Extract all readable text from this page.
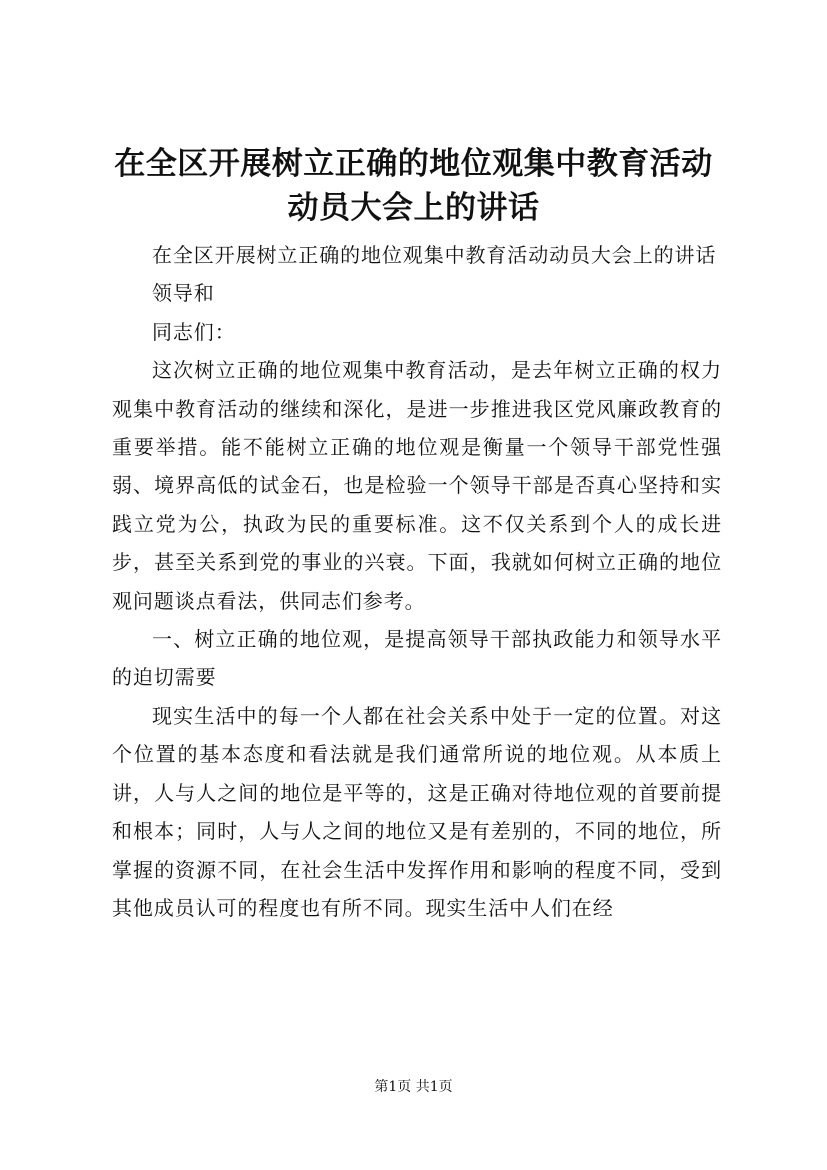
在全区开展树立正确的地位观集中教育活动动员大会上的讲话

在全区开展树立正确的地位观集中教育活动动员大会上的讲话

领导和

同志们：

这次树立正确的地位观集中教育活动，是去年树立正确的权力观集中教育活动的继续和深化，是进一步推进我区党风廉政教育的重要举措。能不能树立正确的地位观是衡量一个领导干部党性强弱、境界高低的试金石，也是检验一个领导干部是否真心坚持和实践立党为公，执政为民的重要标准。这不仅关系到个人的成长进步，甚至关系到党的事业的兴衰。下面，我就如何树立正确的地位观问题谈点看法，供同志们参考。

一、树立正确的地位观，是提高领导干部执政能力和领导水平的迫切需要

现实生活中的每一个人都在社会关系中处于一定的位置。对这个位置的基本态度和看法就是我们通常所说的地位观。从本质上讲，人与人之间的地位是平等的，这是正确对待地位观的首要前提和根本；同时，人与人之间的地位又是有差别的，不同的地位，所掌握的资源不同，在社会生活中发挥作用和影响的程度不同，受到其他成员认可的程度也有所不同。现实生活中人们在经

第1页 共1页
